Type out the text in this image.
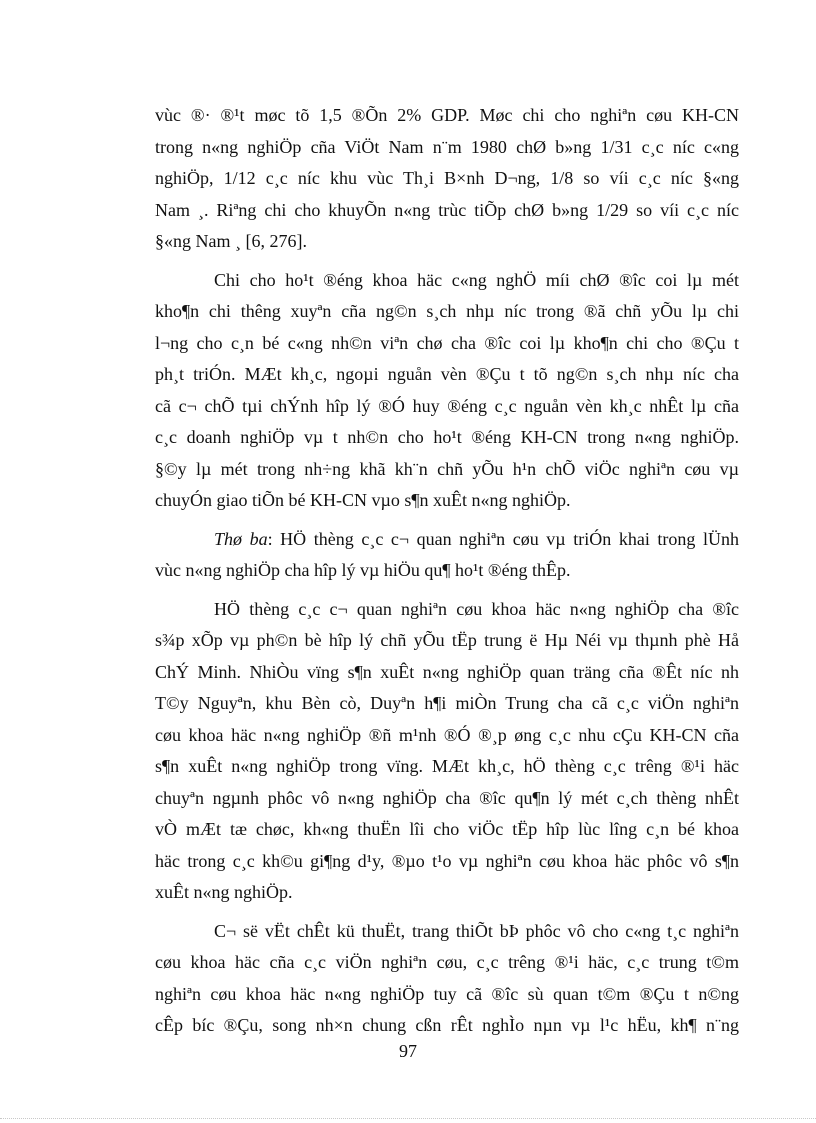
vùc ®· ®¹t møc tõ 1,5 ®Õn 2% GDP. Møc chi cho nghiªn cøu KH-CN
trong n«ng nghiÖp cña ViÖt Nam n¨m 1980 chØ b»ng 1/31 c¸c níc c«ng
nghiÖp, 1/12 c¸c níc khu vùc Th¸i B×nh D¬ng, 1/8 so víi c¸c níc §«ng
Nam ¸. Riªng chi cho khuyÕn n«ng trùc tiÕp chØ b»ng 1/29 so víi c¸c níc
§«ng Nam ¸ [6, 276].
Chi cho ho¹t ®éng khoa häc c«ng nghÖ míi chØ ®îc coi lµ mét
kho¶n chi thêng xuyªn cña ng©n s¸ch nhµ níc trong ®ã chñ yÕu lµ chi
l¬ng cho c¸n bé c«ng nh©n viªn chø cha ®îc coi lµ kho¶n chi cho ®Çu t
ph¸t triÓn. MÆt kh¸c, ngoµi nguån vèn ®Çu t tõ ng©n s¸ch nhµ níc cha
cã c¬ chÕ tµi chÝnh hîp lý ®Ó huy ®éng c¸c nguån vèn kh¸c nhÊt lµ cña
c¸c doanh nghiÖp vµ t nh©n cho ho¹t ®éng KH-CN trong n«ng nghiÖp.
§©y lµ mét trong nh÷ng khã kh¨n chñ yÕu h¹n chÕ viÖc nghiªn cøu vµ
chuyÓn giao tiÕn bé KH-CN vµo s¶n xuÊt n«ng nghiÖp.
Thø ba: HÖ thèng c¸c c¬ quan nghiªn cøu vµ triÓn khai trong lÜnh
vùc n«ng nghiÖp cha hîp lý vµ hiÖu qu¶ ho¹t ®éng thÊp.
HÖ thèng c¸c c¬ quan nghiªn cøu khoa häc n«ng nghiÖp cha ®îc
s¾p xÕp vµ ph©n bè hîp lý chñ yÕu tËp trung ë Hµ Néi vµ thµnh phè Hå
ChÝ Minh. NhiÒu vïng s¶n xuÊt n«ng nghiÖp quan träng cña ®Êt níc nh
T©y Nguyªn, khu Bèn cò, Duyªn h¶i miÒn Trung cha cã c¸c viÖn nghiªn
cøu khoa häc n«ng nghiÖp ®ñ m¹nh ®Ó ®¸p øng c¸c nhu cÇu KH-CN cña
s¶n xuÊt n«ng nghiÖp trong vïng. MÆt kh¸c, hÖ thèng c¸c trêng ®¹i häc
chuyªn ngµnh phôc vô n«ng nghiÖp cha ®îc qu¶n lý mét c¸ch thèng nhÊt
vÒ mÆt tæ chøc, kh«ng thuËn lîi cho viÖc tËp hîp lùc lîng c¸n bé khoa
häc trong c¸c kh©u gi¶ng d¹y, ®µo t¹o vµ nghiªn cøu khoa häc phôc vô s¶n
xuÊt n«ng nghiÖp.
C¬ së vËt chÊt kü thuËt, trang thiÕt bÞ phôc vô cho c«ng t¸c nghiªn
cøu khoa häc cña c¸c viÖn nghiªn cøu, c¸c trêng ®¹i häc, c¸c trung t©m
nghiªn cøu khoa häc n«ng nghiÖp tuy cã ®îc sù quan t©m ®Çu t n©ng
cÊp bíc ®Çu, song nh×n chung cßn rÊt nghÌo nµn vµ l¹c hËu, kh¶ n¨ng
97
